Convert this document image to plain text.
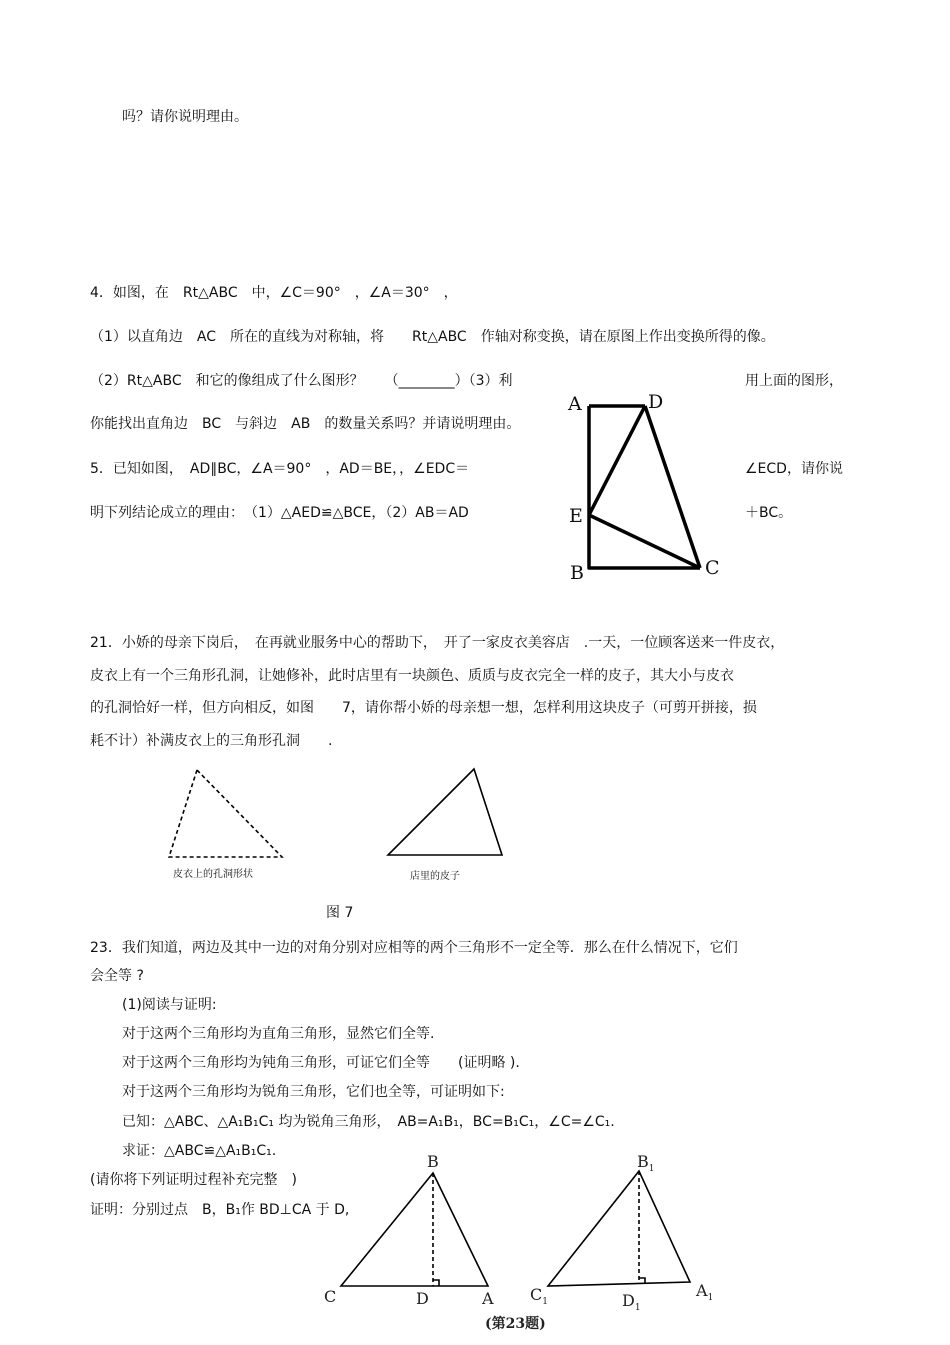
吗？请你说明理由。
4．如图，在　Rt△ABC　中，∠C＝90°　，∠A＝30°　，
（1）以直角边　AC　所在的直线为对称轴，将　　Rt△ABC　作轴对称变换，请在原图上作出变换所得的像。
（2）Rt△ABC　和它的像组成了什么图形？　　（________）（3）利	用上面的图形，
你能找出直角边　BC　与斜边　AB　的数量关系吗？并请说明理由。
5．已知如图，　AD∥BC，∠A＝90°　，AD＝BE，，∠EDC＝	∠ECD，请你说
明下列结论成立的理由：　（1）△AED≌△BCE，（2）AB＝AD	＋BC。
A	D
E
B	C
21．小娇的母亲下岗后，　在再就业服务中心的帮助下，　开了一家皮衣美容店　.一天，一位顾客送来一件皮衣，
皮衣上有一个三角形孔洞，让她修补，此时店里有一块颜色、质质与皮衣完全一样的皮子，其大小与皮衣
的孔洞恰好一样，但方向相反，如图　　7，请你帮小娇的母亲想一想，怎样利用这块皮子（可剪开拼接，损
耗不计）补满皮衣上的三角形孔洞　　.
皮衣上的孔洞形状	店里的皮子
图 7
23．我们知道，两边及其中一边的对角分别对应相等的两个三角形不一定全等．那么在什么情况下，它们
会全等 ?
(1)阅读与证明:
对于这两个三角形均为直角三角形，显然它们全等.
对于这两个三角形均为钝角三角形，可证它们全等　　(证明略 ).
对于这两个三角形均为锐角三角形，它们也全等，可证明如下:
已知：△ABC、△A₁B₁C₁ 均为锐角三角形，　AB=A₁B₁，BC=B₁C₁，∠C=∠C₁.
求证：△ABC≌△A₁B₁C₁.
(请你将下列证明过程补充完整　)
证明：分别过点　B，B₁作 BD⊥CA 于 D,
B
C	D	A
$B_1$
$C_1$	$D_1$
$A_1$
(第23题)
